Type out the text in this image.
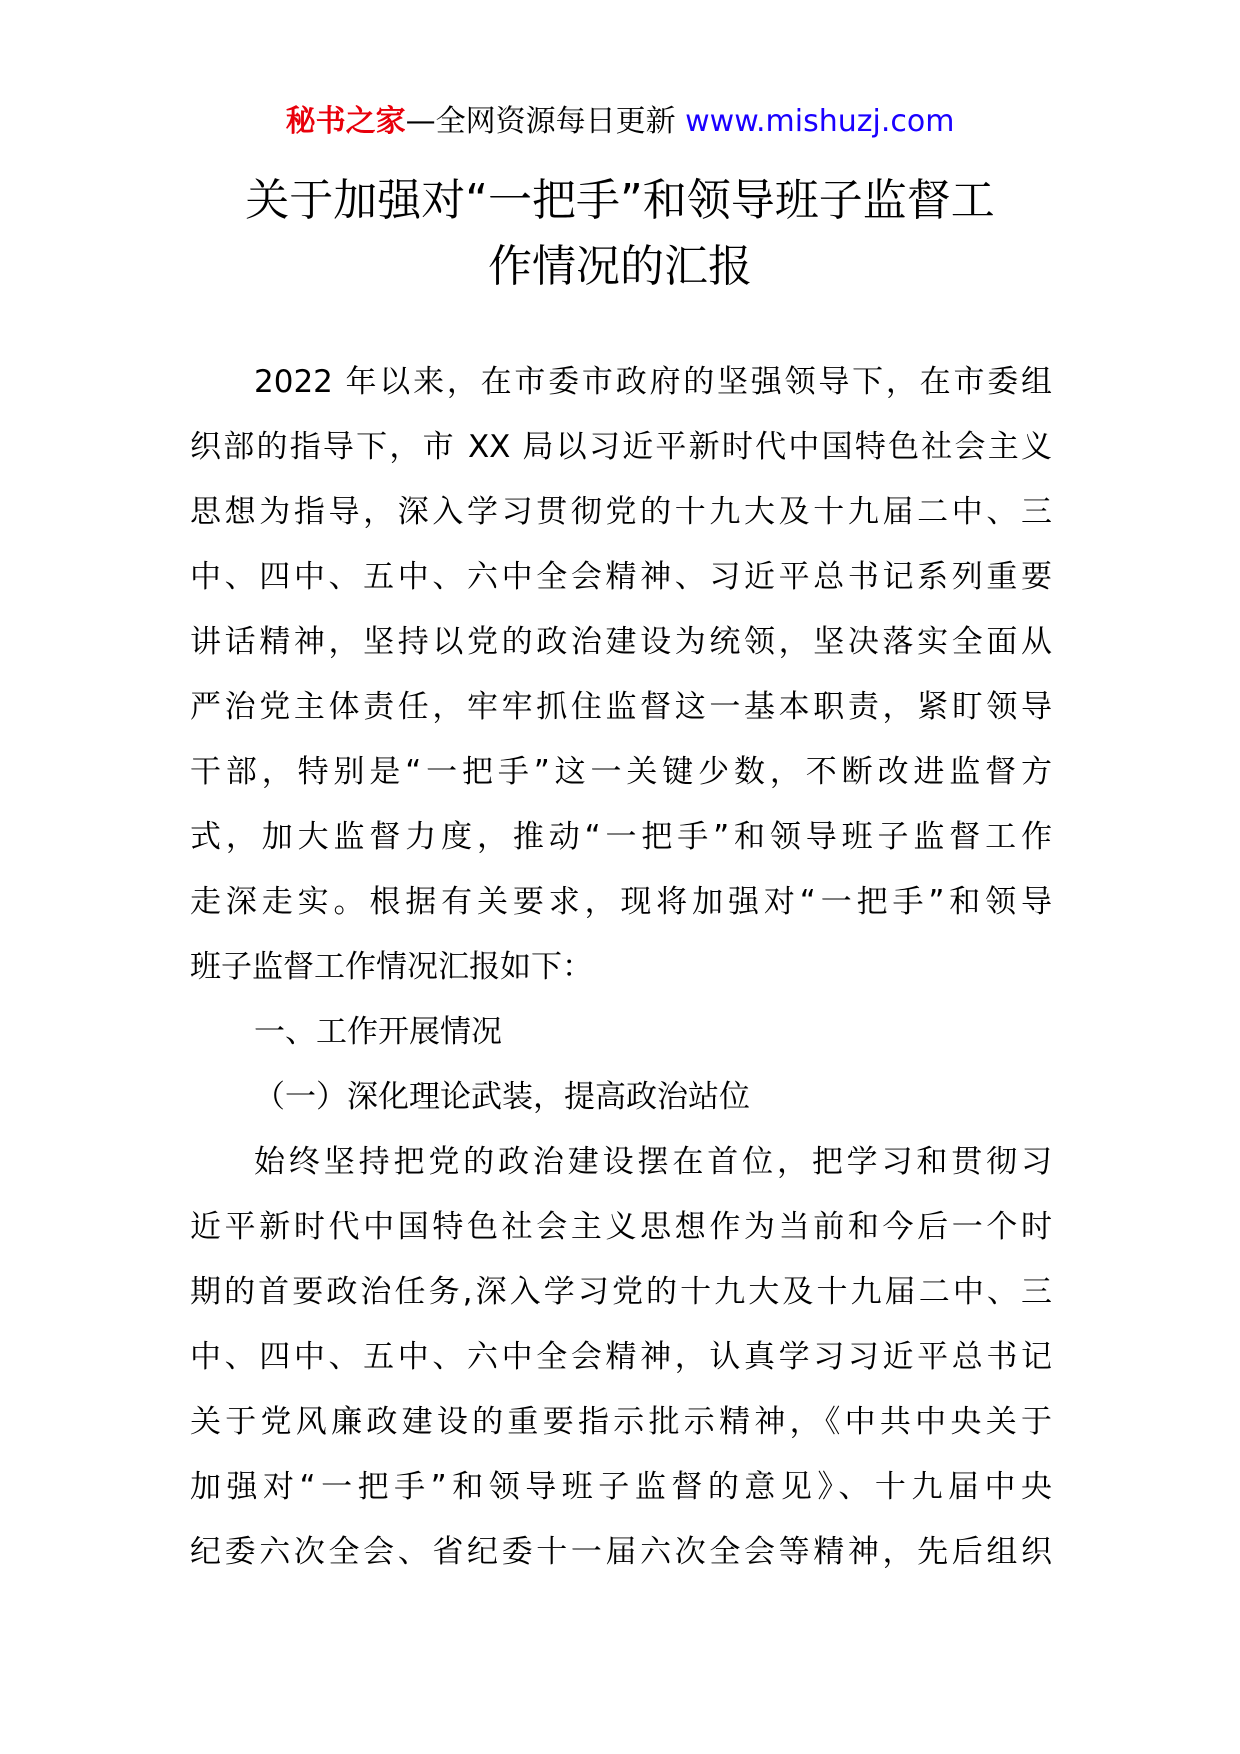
秘书之家—全网资源每日更新 www.mishuzj.com
关于加强对“一把手”和领导班子监督工
作情况的汇报
2022 年以来，在市委市政府的坚强领导下，在市委组
织部的指导下，市 XX 局以习近平新时代中国特色社会主义
思想为指导，深入学习贯彻党的十九大及十九届二中、三
中、四中、五中、六中全会精神、习近平总书记系列重要
讲话精神，坚持以党的政治建设为统领，坚决落实全面从
严治党主体责任，牢牢抓住监督这一基本职责，紧盯领导
干部，特别是“一把手”这一关键少数，不断改进监督方
式，加大监督力度，推动“一把手”和领导班子监督工作
走深走实。根据有关要求，现将加强对“一把手”和领导
班子监督工作情况汇报如下：
一、工作开展情况
（一）深化理论武装，提高政治站位
始终坚持把党的政治建设摆在首位，把学习和贯彻习
近平新时代中国特色社会主义思想作为当前和今后一个时
期的首要政治任务,深入学习党的十九大及十九届二中、三
中、四中、五中、六中全会精神，认真学习习近平总书记
关于党风廉政建设的重要指示批示精神，《中共中央关于
加强对“一把手”和领导班子监督的意见》、十九届中央
纪委六次全会、省纪委十一届六次全会等精神，先后组织
